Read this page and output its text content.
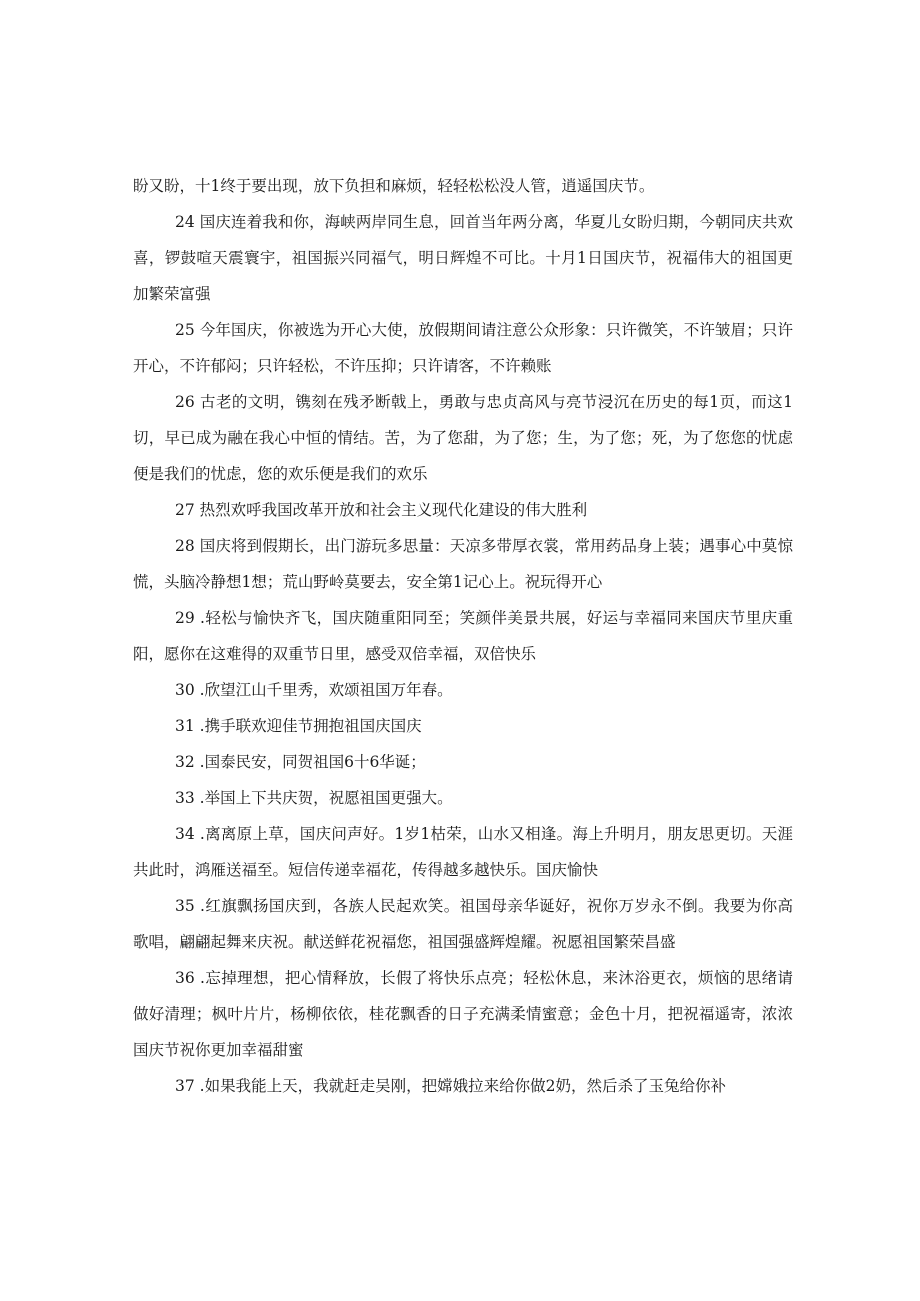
盼又盼，十1终于要出现，放下负担和麻烦，轻轻松松没人管，逍遥国庆节。

24 国庆连着我和你，海峡两岸同生息，回首当年两分离，华夏儿女盼归期，今朝同庆共欢喜，锣鼓喧天震寰宇，祖国振兴同福气，明日辉煌不可比。十月1日国庆节，祝福伟大的祖国更加繁荣富强

25 今年国庆，你被选为开心大使，放假期间请注意公众形象：只许微笑，不许皱眉；只许开心，不许郁闷；只许轻松，不许压抑；只许请客，不许赖账

26 古老的文明，镌刻在残矛断戟上，勇敢与忠贞高风与亮节浸沉在历史的每1页，而这1切，早已成为融在我心中恒的情结。苦，为了您甜，为了您；生，为了您；死，为了您您的忧虑便是我们的忧虑，您的欢乐便是我们的欢乐

27 热烈欢呼我国改革开放和社会主义现代化建设的伟大胜利

28 国庆将到假期长，出门游玩多思量：天凉多带厚衣裳，常用药品身上装；遇事心中莫惊慌，头脑冷静想1想；荒山野岭莫要去，安全第1记心上。祝玩得开心

29 .轻松与愉快齐飞，国庆随重阳同至；笑颜伴美景共展，好运与幸福同来国庆节里庆重阳，愿你在这难得的双重节日里，感受双倍幸福，双倍快乐

30 .欣望江山千里秀，欢颂祖国万年春。

31 .携手联欢迎佳节拥抱祖国庆国庆

32 .国泰民安，同贺祖国6十6华诞；

33 .举国上下共庆贺，祝愿祖国更强大。

34 .离离原上草，国庆问声好。1岁1枯荣，山水又相逢。海上升明月，朋友思更切。天涯共此时，鸿雁送福至。短信传递幸福花，传得越多越快乐。国庆愉快

35 .红旗飘扬国庆到，各族人民起欢笑。祖国母亲华诞好，祝你万岁永不倒。我要为你高歌唱，翩翩起舞来庆祝。献送鲜花祝福您，祖国强盛辉煌耀。祝愿祖国繁荣昌盛

36 .忘掉理想，把心情释放，长假了将快乐点亮；轻松休息，来沐浴更衣，烦恼的思绪请做好清理；枫叶片片，杨柳依依，桂花飘香的日子充满柔情蜜意；金色十月，把祝福遥寄，浓浓国庆节祝你更加幸福甜蜜

37 .如果我能上天，我就赶走吴刚，把嫦娥拉来给你做2奶，然后杀了玉兔给你补
